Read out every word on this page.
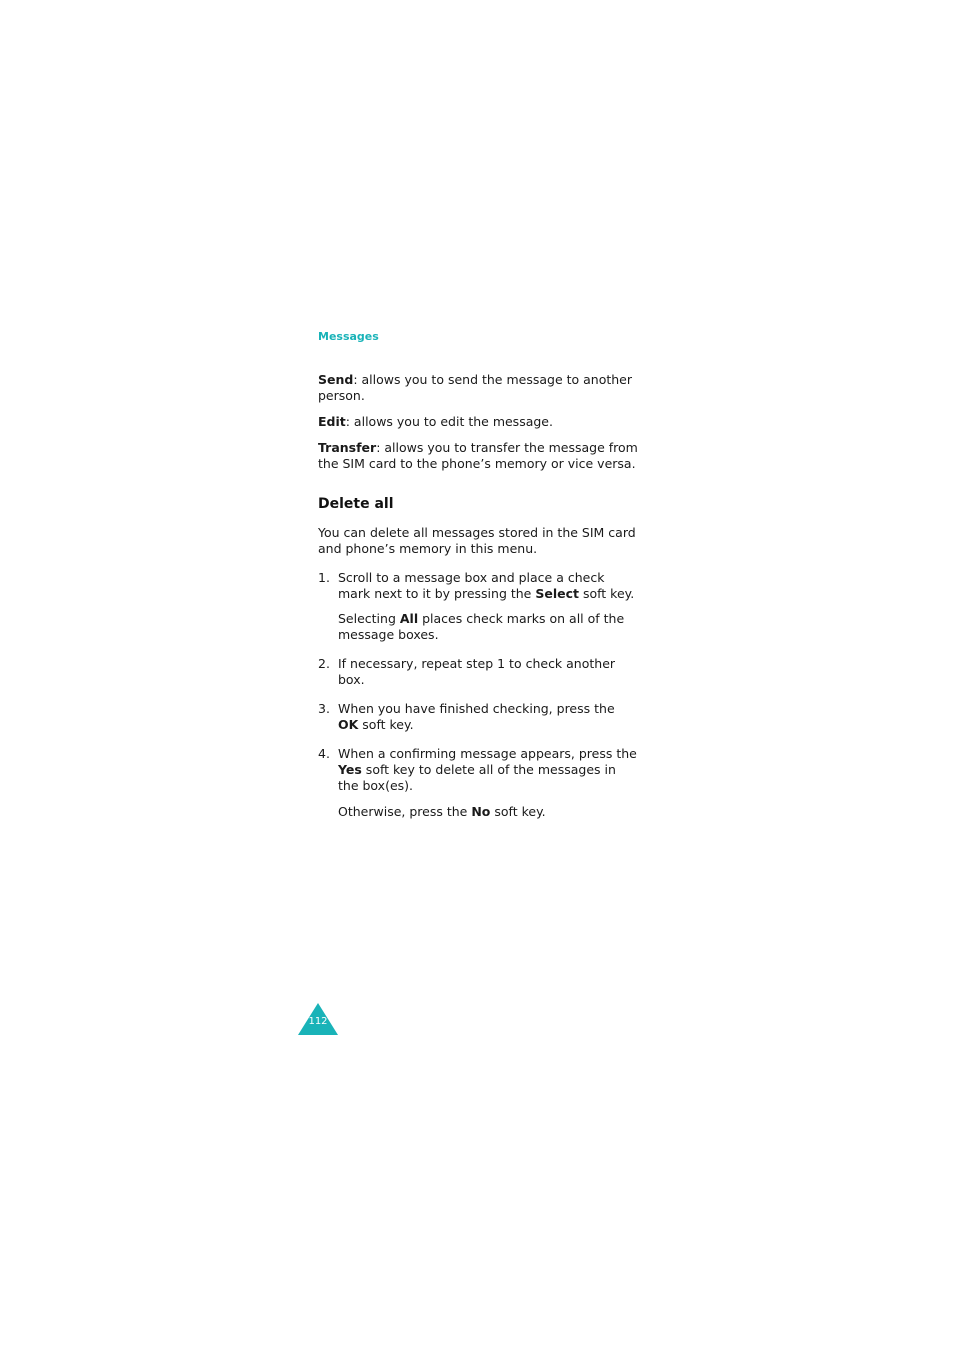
Messages
Send: allows you to send the message to another person.
Edit: allows you to edit the message.
Transfer: allows you to transfer the message from the SIM card to the phone’s memory or vice versa.
Delete all
You can delete all messages stored in the SIM card and phone’s memory in this menu.
1. Scroll to a message box and place a check mark next to it by pressing the Select soft key.
Selecting All places check marks on all of the message boxes.
2. If necessary, repeat step 1 to check another box.
3. When you have finished checking, press the OK soft key.
4. When a confirming message appears, press the Yes soft key to delete all of the messages in the box(es).
Otherwise, press the No soft key.
112
